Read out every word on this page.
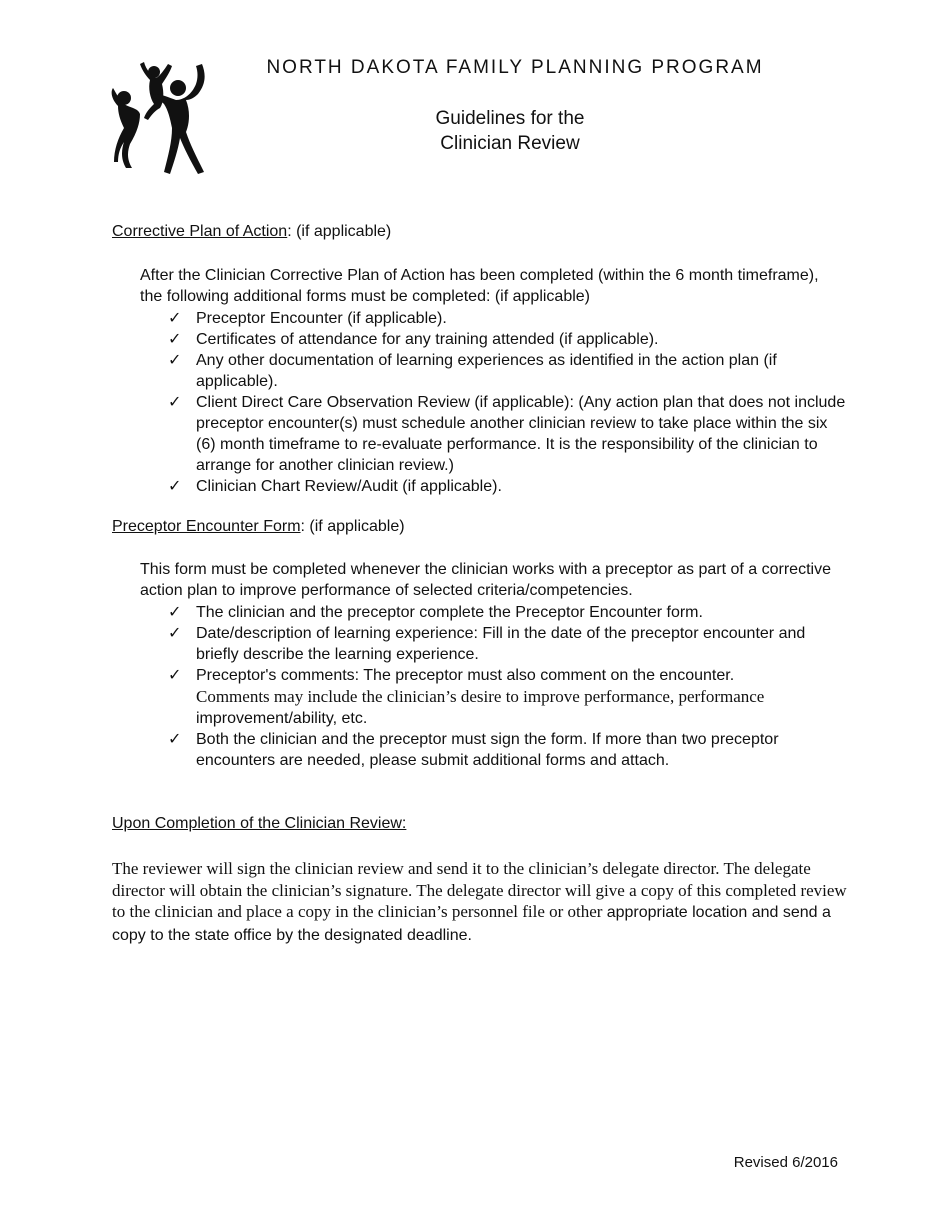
NORTH DAKOTA FAMILY PLANNING PROGRAM
Guidelines for the
Clinician Review
Corrective Plan of Action: (if applicable)
After the Clinician Corrective Plan of Action has been completed (within the 6 month timeframe), the following additional forms must be completed: (if applicable)
✓ Preceptor Encounter (if applicable).
✓ Certificates of attendance for any training attended (if applicable).
✓ Any other documentation of learning experiences as identified in the action plan (if applicable).
✓ Client Direct Care Observation Review (if applicable): (Any action plan that does not include preceptor encounter(s) must schedule another clinician review to take place within the six (6) month timeframe to re-evaluate performance. It is the responsibility of the clinician to arrange for another clinician review.)
✓ Clinician Chart Review/Audit (if applicable).
Preceptor Encounter Form: (if applicable)
This form must be completed whenever the clinician works with a preceptor as part of a corrective action plan to improve performance of selected criteria/competencies.
✓ The clinician and the preceptor complete the Preceptor Encounter form.
✓ Date/description of learning experience: Fill in the date of the preceptor encounter and briefly describe the learning experience.
✓ Preceptor's comments: The preceptor must also comment on the encounter.
Comments may include the clinician’s desire to improve performance, performance
improvement/ability, etc.
✓ Both the clinician and the preceptor must sign the form. If more than two preceptor encounters are needed, please submit additional forms and attach.
Upon Completion of the Clinician Review:
The reviewer will sign the clinician review and send it to the clinician’s delegate director. The delegate director will obtain the clinician’s signature. The delegate director will give a copy of this completed review to the clinician and place a copy in the clinician’s personnel file or other appropriate location and send a copy to the state office by the designated deadline.
Revised 6/2016
